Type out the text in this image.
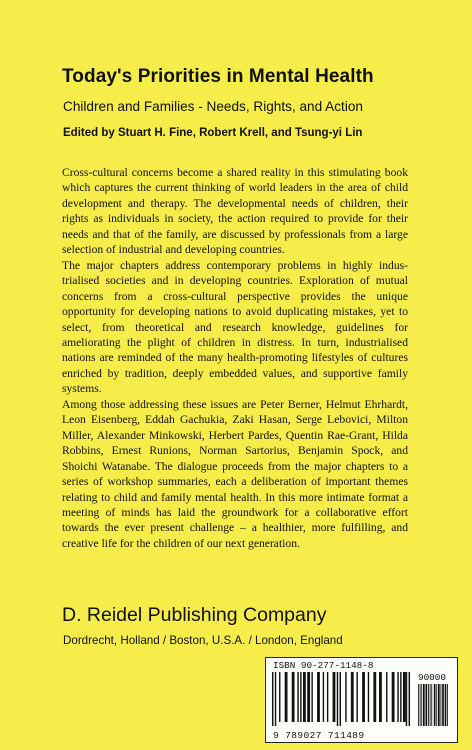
Today's Priorities in Mental Health
Children and Families - Needs, Rights, and Action
Edited by Stuart H. Fine, Robert Krell, and Tsung-yi Lin

Cross-cultural concerns become a shared reality in this stimulating book which captures the current thinking of world leaders in the area of child development and therapy. The developmental needs of children, their rights as individuals in society, the action required to provide for their needs and that of the family, are discussed by professionals from a large selection of industrial and developing countries.

The major chapters address contemporary problems in highly industrialised societies and in developing countries. Exploration of mutual concerns from a cross-cultural perspective provides the unique opportunity for developing nations to avoid duplicating mistakes, yet to select, from theoretical and research knowledge, guidelines for ameliorating the plight of children in distress. In turn, industrialised nations are reminded of the many health-promoting lifestyles of cultures enriched by tradition, deeply embedded values, and supportive family systems.

Among those addressing these issues are Peter Berner, Helmut Ehrhardt, Leon Eisenberg, Eddah Gachukia, Zaki Hasan, Serge Lebovici, Milton Miller, Alexander Minkowski, Herbert Pardes, Quentin Rae-Grant, Hilda Robbins, Ernest Runions, Norman Sartorius, Benjamin Spock, and Shoichi Watanabe. The dialogue proceeds from the major chapters to a series of workshop summaries, each a deliberation of important themes relating to child and family mental health. In this more intimate format a meeting of minds has laid the groundwork for a collaborative effort towards the ever present challenge – a healthier, more fulfilling, and creative life for the children of our next generation.

D. Reidel Publishing Company
Dordrecht, Holland / Boston, U.S.A. / London, England
ISBN 90-277-1148-8
90000
9 789027 711489
